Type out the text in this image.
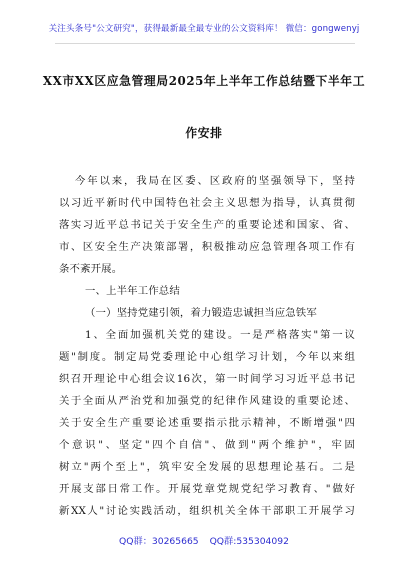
关注头条号"公文研究"，获得最新最全最专业的公文资料库！ 微信：gongwenyj
XX市XX区应急管理局2025年上半年工作总结暨下半年工
作安排
今年以来，我局在区委、区政府的坚强领导下，坚持
以习近平新时代中国特色社会主义思想为指导，认真贯彻
落实习近平总书记关于安全生产的重要论述和国家、省、
市、区安全生产决策部署，积极推动应急管理各项工作有
条不紊开展。
一、上半年工作总结
（一）坚持党建引领，着力锻造忠诚担当应急铁军
1、全面加强机关党的建设。一是严格落实"第一议
题"制度。制定局党委理论中心组学习计划，今年以来组
织召开理论中心组会议16次，第一时间学习习近平总书记
关于全面从严治党和加强党的纪律作风建设的重要论述、
关于安全生产重要论述重要指示批示精神，不断增强"四
个意识"、坚定"四个自信"、做到"两个维护"，牢固
树立"两个至上"，筑牢安全发展的思想理论基石。二是
开展支部日常工作。开展党章党规党纪学习教育、"做好
新XX人"讨论实践活动，组织机关全体干部职工开展学习
QQ群：30265665 QQ群:535304092
